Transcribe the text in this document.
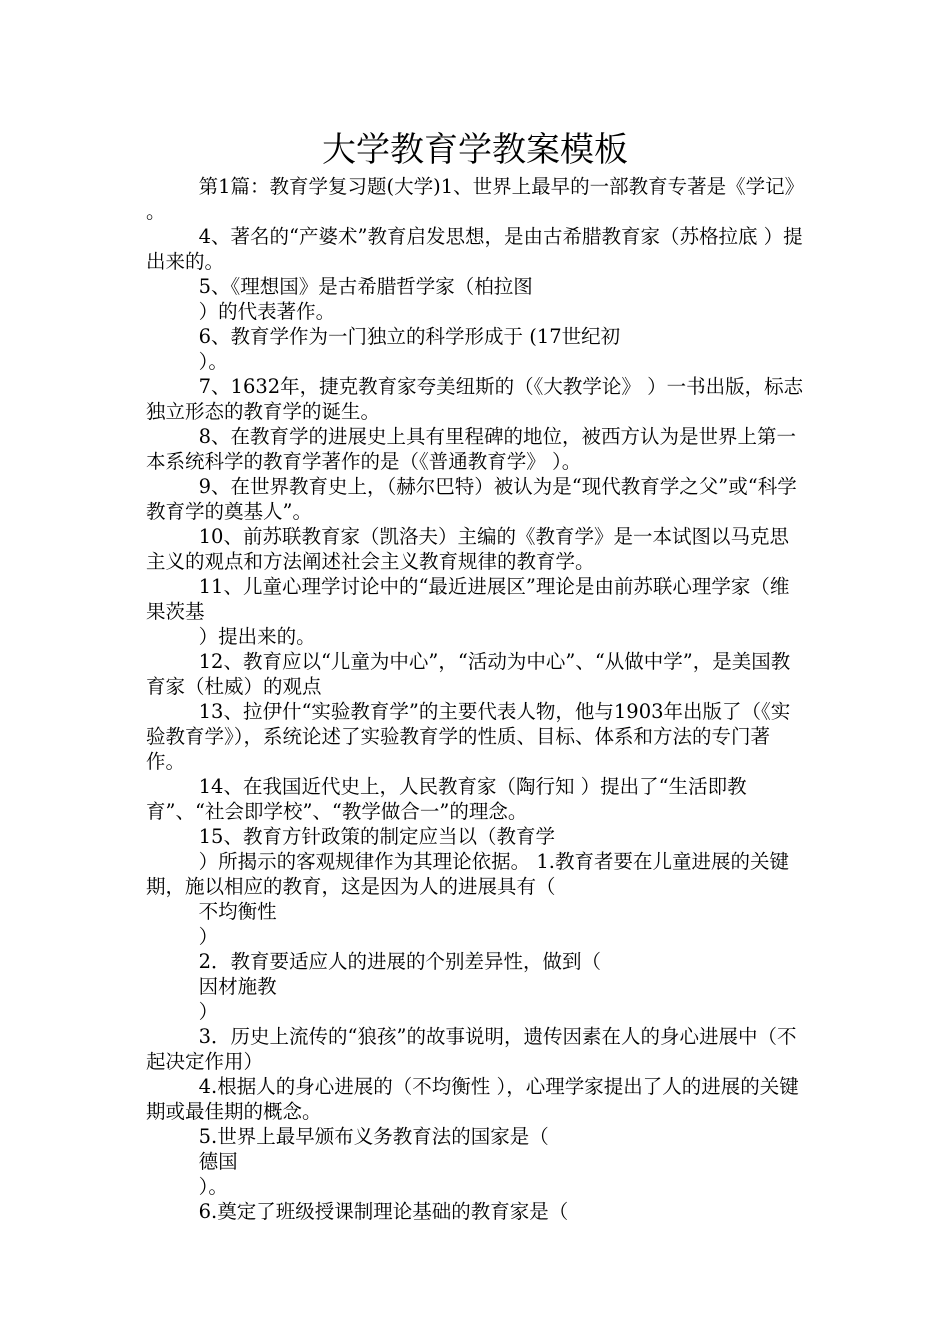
大学教育学教案模板

第1篇：教育学复习题(大学)1、世界上最早的一部教育专著是《学记》 。

4、著名的“产婆术”教育启发思想，是由古希腊教育家（苏格拉底 ）提出来的。

5、《理想国》是古希腊哲学家（柏拉图

）的代表著作。

6、教育学作为一门独立的科学形成于 (17世纪初

）。

7、1632年，捷克教育家夸美纽斯的（《大教学论》 ）一书出版，标志独立形态的教育学的诞生。

8、在教育学的进展史上具有里程碑的地位，被西方认为是世界上第一本系统科学的教育学著作的是（《普通教育学》 ）。

9、在世界教育史上，（赫尔巴特）被认为是“现代教育学之父”或“科学教育学的奠基人”。

10、前苏联教育家（凯洛夫）主编的《教育学》是一本试图以马克思主义的观点和方法阐述社会主义教育规律的教育学。

11、儿童心理学讨论中的“最近进展区”理论是由前苏联心理学家（维果茨基

）提出来的。

12、教育应以“儿童为中心”，“活动为中心”、“从做中学”，是美国教育家（杜威）的观点

13、拉伊什“实验教育学”的主要代表人物，他与1903年出版了（《实验教育学》），系统论述了实验教育学的性质、目标、体系和方法的专门著作。

14、在我国近代史上，人民教育家（陶行知 ）提出了“生活即教育”、“社会即学校”、“教学做合一”的理念。

15、教育方针政策的制定应当以（教育学

）所揭示的客观规律作为其理论依据。 1.教育者要在儿童进展的关键期，施以相应的教育，这是因为人的进展具有（

不均衡性

）

2．教育要适应人的进展的个别差异性，做到（

因材施教

）

3．历史上流传的“狼孩”的故事说明，遗传因素在人的身心进展中（不起决定作用）

4.根据人的身心进展的（不均衡性 ），心理学家提出了人的进展的关键期或最佳期的概念。

5.世界上最早颁布义务教育法的国家是（

德国

）。

6.奠定了班级授课制理论基础的教育家是（
